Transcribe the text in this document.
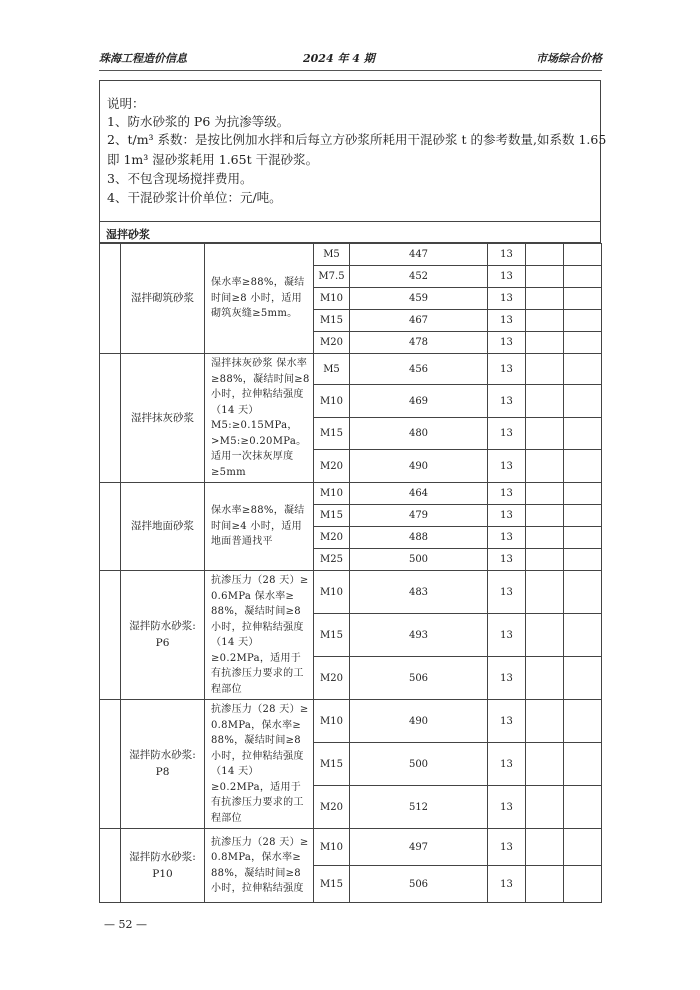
珠海工程造价信息	2024 年 4 期	市场综合价格
说明：
1、防水砂浆的 P6 为抗渗等级。
2、t/m³ 系数：是按比例加水拌和后每立方砂浆所耗用干混砂浆 t 的参考数量,如系数 1.65
即 1m³ 湿砂浆耗用 1.65t 干混砂浆。
3、不包含现场搅拌费用。
4、干混砂浆计价单位：元/吨。
湿拌砂浆
	湿拌砌筑砂浆	保水率≥88%，凝结时间≥8 小时，适用砌筑灰缝≥5mm。	M5	447	13		
			M7.5	452	13		
			M10	459	13		
			M15	467	13		
			M20	478	13		
	湿拌抹灰砂浆	湿拌抹灰砂浆 保水率≥88%，凝结时间≥8 小时，拉伸粘结强度（14 天） M5:≥0.15MPa，>M5:≥0.20MPa。适用一次抹灰厚度≥5mm	M5	456	13		
			M10	469	13		
			M15	480	13		
			M20	490	13		
	湿拌地面砂浆	保水率≥88%，凝结时间≥4 小时，适用地面普通找平	M10	464	13		
			M15	479	13		
			M20	488	13		
			M25	500	13		
	湿拌防水砂浆: P6	抗渗压力（28 天）≥ 0.6MPa 保水率≥ 88%，凝结时间≥8 小时，拉伸粘结强度（14 天）≥0.2MPa，适用于有抗渗压力要求的工程部位	M10	483	13		
			M15	493	13		
			M20	506	13		
	湿拌防水砂浆: P8	抗渗压力（28 天）≥ 0.8MPa，保水率≥ 88%，凝结时间≥8 小时，拉伸粘结强度（14 天）≥0.2MPa，适用于有抗渗压力要求的工程部位	M10	490	13		
			M15	500	13		
			M20	512	13		
	湿拌防水砂浆: P10	抗渗压力（28 天）≥ 0.8MPa，保水率≥ 88%，凝结时间≥8 小时，拉伸粘结强度	M10	497	13		
			M15	506	13		
— 52 —
